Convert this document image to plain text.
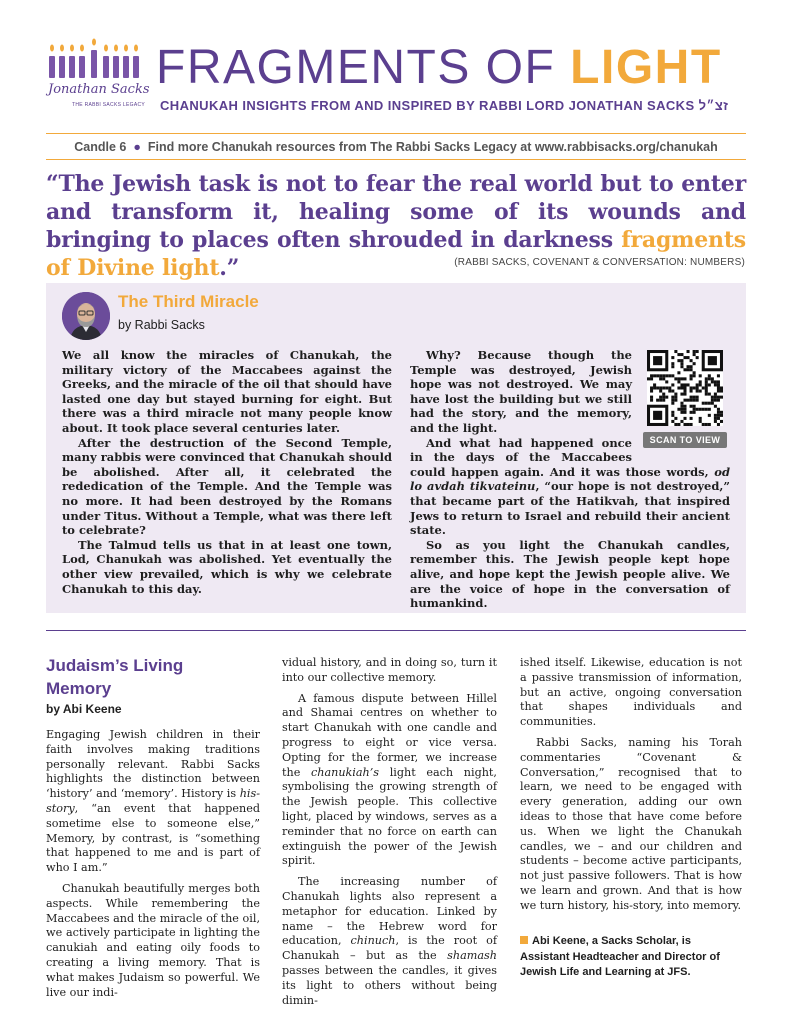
Jonathan Sacks
THE RABBI SACKS LEGACY
FRAGMENTS OF LIGHT
CHANUKAH INSIGHTS FROM AND INSPIRED BY RABBI LORD JONATHAN SACKS זצ״ל
Candle 6 ● Find more Chanukah resources from The Rabbi Sacks Legacy at www.rabbisacks.org/chanukah
“The Jewish task is not to fear the real world but to enter and transform it, healing some of its wounds and bringing to places often shrouded in darkness fragments of Divine light.”	(RABBI SACKS, COVENANT & CONVERSATION: NUMBERS)
The Third Miracle
by Rabbi Sacks

We all know the miracles of Chanukah, the military victory of the Maccabees against the Greeks, and the miracle of the oil that should have lasted one day but stayed burning for eight. But there was a third miracle not many people know about. It took place several centuries later.

After the destruction of the Second Temple, many rabbis were convinced that Chanukah should be abolished. After all, it celebrated the rededication of the Temple. And the Temple was no more. It had been destroyed by the Romans under Titus. Without a Temple, what was there left to celebrate?

The Talmud tells us that in at least one town, Lod, Chanukah was abolished. Yet eventually the other view prevailed, which is why we celebrate Chanukah to this day.

SCAN TO VIEW

Why? Because though the Temple was destroyed, Jewish hope was not destroyed. We may have lost the building but we still had the story, and the memory, and the light.

And what had happened once in the days of the Maccabees could happen again. And it was those words, od lo avdah tikvateinu, “our hope is not destroyed,” that became part of the Hatikvah, that inspired Jews to return to Israel and rebuild their ancient state.

So as you light the Chanukah candles, remember this. The Jewish people kept hope alive, and hope kept the Jewish people alive. We are the voice of hope in the conversation of humankind.

Judaism’s Living Memory
by Abi Keene

Engaging Jewish children in their faith involves making traditions personally relevant. Rabbi Sacks highlights the distinction between ‘history’ and ‘memory’. History is his-story, “an event that happened sometime else to someone else,” Memory, by contrast, is “something that happened to me and is part of who I am.”

Chanukah beautifully merges both aspects. While remembering the Maccabees and the miracle of the oil, we actively participate in lighting the canukiah and eating oily foods to creating a living memory. That is what makes Judaism so powerful. We live our indi-

vidual history, and in doing so, turn it into our collective memory.

A famous dispute between Hillel and Shamai centres on whether to start Chanukah with one candle and progress to eight or vice versa. Opting for the former, we increase the chanukiah’s light each night, symbolising the growing strength of the Jewish people. This collective light, placed by windows, serves as a reminder that no force on earth can extinguish the power of the Jewish spirit.

The increasing number of Chanukah lights also represent a metaphor for education. Linked by name – the Hebrew word for education, chinuch, is the root of Chanukah – but as the shamash passes between the candles, it gives its light to others without being dimin-

ished itself. Likewise, education is not a passive transmission of information, but an active, ongoing conversation that shapes individuals and communities.

Rabbi Sacks, naming his Torah commentaries “Covenant & Conversation,” recognised that to learn, we need to be engaged with every generation, adding our own ideas to those that have come before us. When we light the Chanukah candles, we – and our children and students – become active participants, not just passive followers. That is how we learn and grown. And that is how we turn history, his-story, into memory.

Abi Keene, a Sacks Scholar, is Assistant Headteacher and Director of Jewish Life and Learning at JFS.
